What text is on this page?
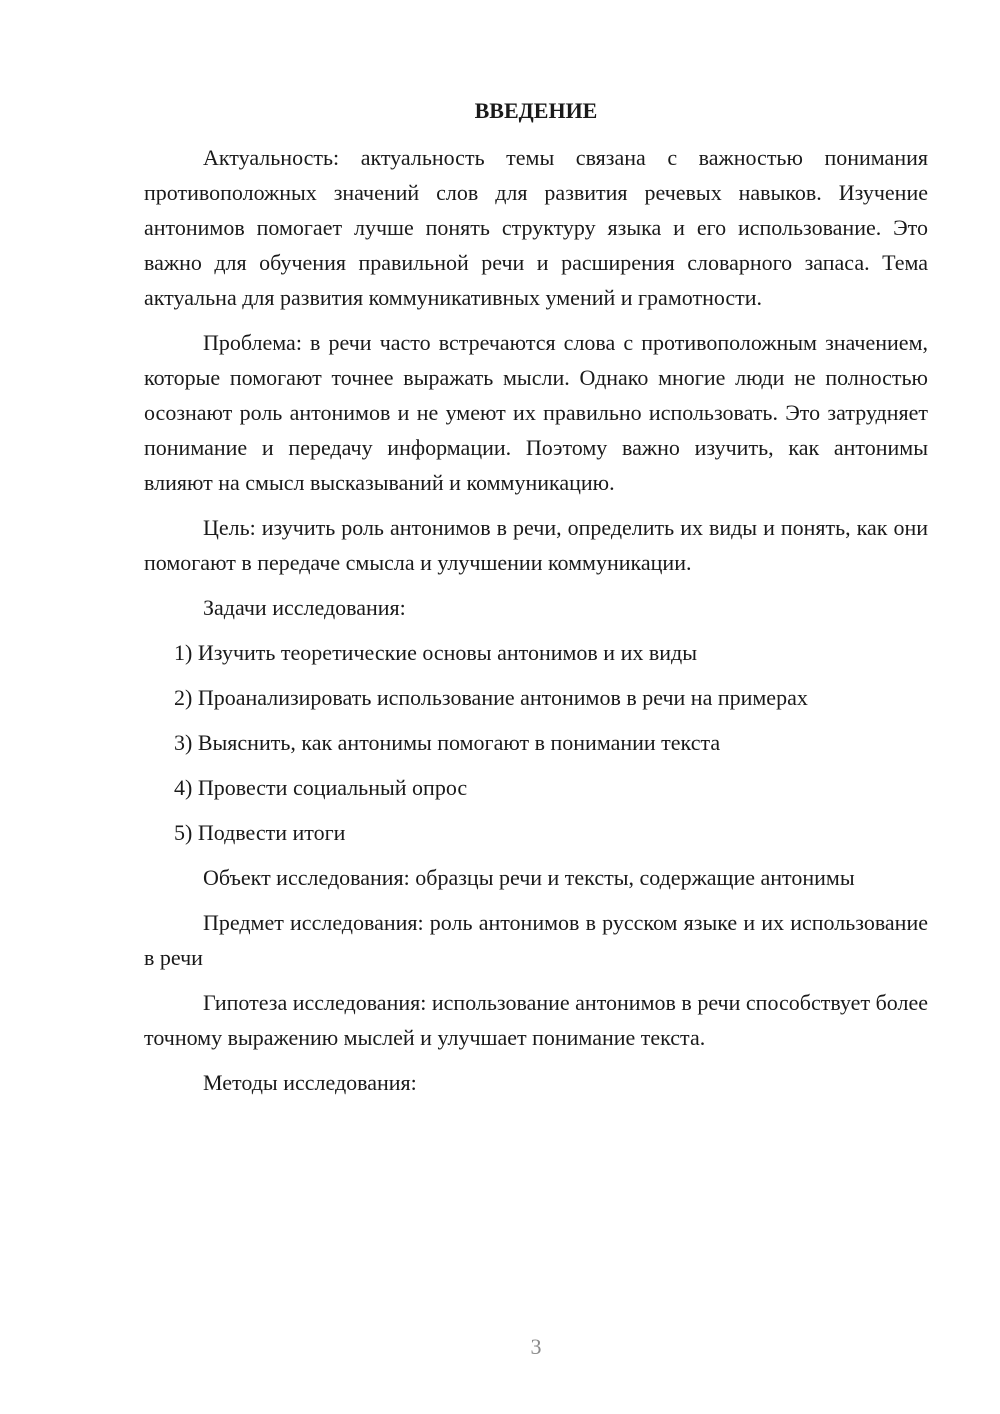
ВВЕДЕНИЕ

Актуальность: актуальность темы связана с важностью понимания противоположных значений слов для развития речевых навыков. Изучение антонимов помогает лучше понять структуру языка и его использование. Это важно для обучения правильной речи и расширения словарного запаса. Тема актуальна для развития коммуникативных умений и грамотности.

Проблема: в речи часто встречаются слова с противоположным значением, которые помогают точнее выражать мысли. Однако многие люди не полностью осознают роль антонимов и не умеют их правильно использовать. Это затрудняет понимание и передачу информации. Поэтому важно изучить, как антонимы влияют на смысл высказываний и коммуникацию.

Цель: изучить роль антонимов в речи, определить их виды и понять, как они помогают в передаче смысла и улучшении коммуникации.

Задачи исследования:

1) Изучить теоретические основы антонимов и их виды
2) Проанализировать использование антонимов в речи на примерах
3) Выяснить, как антонимы помогают в понимании текста
4) Провести социальный опрос
5) Подвести итоги

Объект исследования: образцы речи и тексты, содержащие антонимы

Предмет исследования: роль антонимов в русском языке и их использование в речи

Гипотеза исследования: использование антонимов в речи способствует более точному выражению мыслей и улучшает понимание текста.

Методы исследования:

3
